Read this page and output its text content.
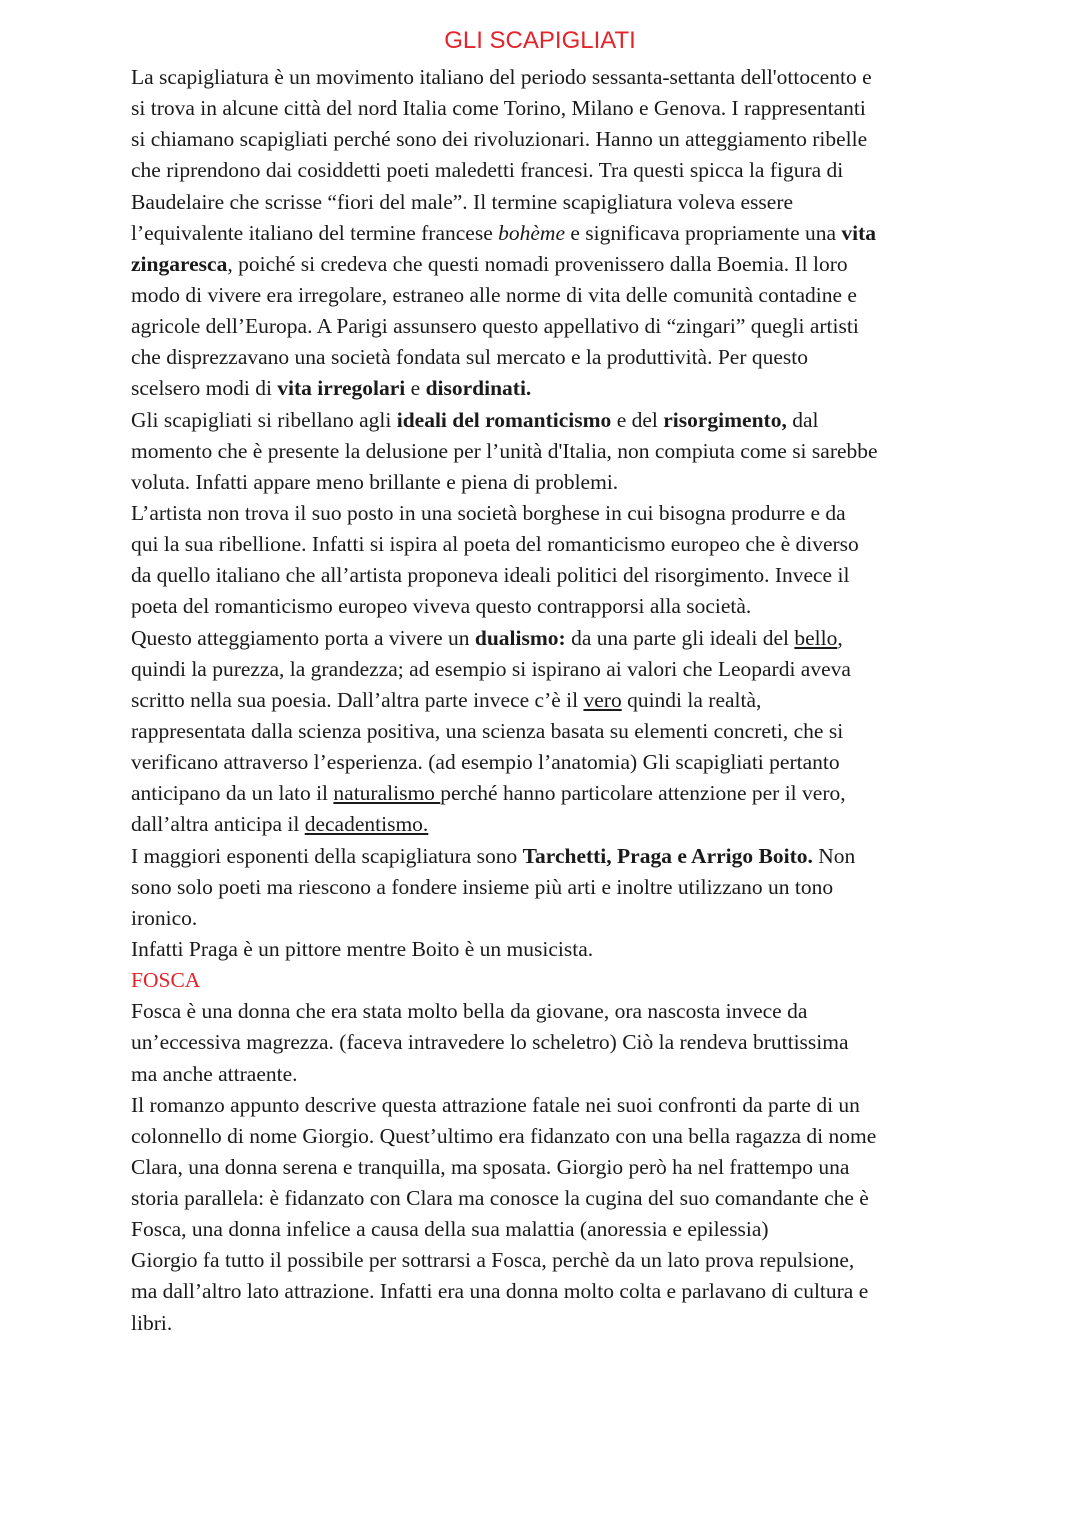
GLI SCAPIGLIATI
La scapigliatura è un movimento italiano del periodo sessanta-settanta dell'ottocento e
si trova in alcune città del nord Italia come Torino, Milano e Genova. I rappresentanti
si chiamano scapigliati perché sono dei rivoluzionari. Hanno un atteggiamento ribelle
che riprendono dai cosiddetti poeti maledetti francesi. Tra questi spicca la figura di
Baudelaire che scrisse “fiori del male”. Il termine scapigliatura voleva essere
l’equivalente italiano del termine francese bohème e significava propriamente una vita
zingaresca, poiché si credeva che questi nomadi provenissero dalla Boemia. Il loro
modo di vivere era irregolare, estraneo alle norme di vita delle comunità contadine e
agricole dell’Europa. A Parigi assunsero questo appellativo di “zingari” quegli artisti
che disprezzavano una società fondata sul mercato e la produttività. Per questo
scelsero modi di vita irregolari e disordinati.
Gli scapigliati si ribellano agli ideali del romanticismo e del risorgimento, dal
momento che è presente la delusione per l’unità d'Italia, non compiuta come si sarebbe
voluta. Infatti appare meno brillante e piena di problemi.
L’artista non trova il suo posto in una società borghese in cui bisogna produrre e da
qui la sua ribellione. Infatti si ispira al poeta del romanticismo europeo che è diverso
da quello italiano che all’artista proponeva ideali politici del risorgimento. Invece il
poeta del romanticismo europeo viveva questo contrapporsi alla società.
Questo atteggiamento porta a vivere un dualismo: da una parte gli ideali del bello,
quindi la purezza, la grandezza; ad esempio si ispirano ai valori che Leopardi aveva
scritto nella sua poesia. Dall’altra parte invece c’è il vero quindi la realtà,
rappresentata dalla scienza positiva, una scienza basata su elementi concreti, che si
verificano attraverso l’esperienza. (ad esempio l’anatomia) Gli scapigliati pertanto
anticipano da un lato il naturalismo perché hanno particolare attenzione per il vero,
dall’altra anticipa il decadentismo.
I maggiori esponenti della scapigliatura sono Tarchetti, Praga e Arrigo Boito. Non
sono solo poeti ma riescono a fondere insieme più arti e inoltre utilizzano un tono
ironico.
Infatti Praga è un pittore mentre Boito è un musicista.
FOSCA
Fosca è una donna che era stata molto bella da giovane, ora nascosta invece da
un’eccessiva magrezza. (faceva intravedere lo scheletro) Ciò la rendeva bruttissima
ma anche attraente.
Il romanzo appunto descrive questa attrazione fatale nei suoi confronti da parte di un
colonnello di nome Giorgio. Quest’ultimo era fidanzato con una bella ragazza di nome
Clara, una donna serena e tranquilla, ma sposata. Giorgio però ha nel frattempo una
storia parallela: è fidanzato con Clara ma conosce la cugina del suo comandante che è
Fosca, una donna infelice a causa della sua malattia (anoressia e epilessia)
Giorgio fa tutto il possibile per sottrarsi a Fosca, perchè da un lato prova repulsione,
ma dall’altro lato attrazione. Infatti era una donna molto colta e parlavano di cultura e
libri.
